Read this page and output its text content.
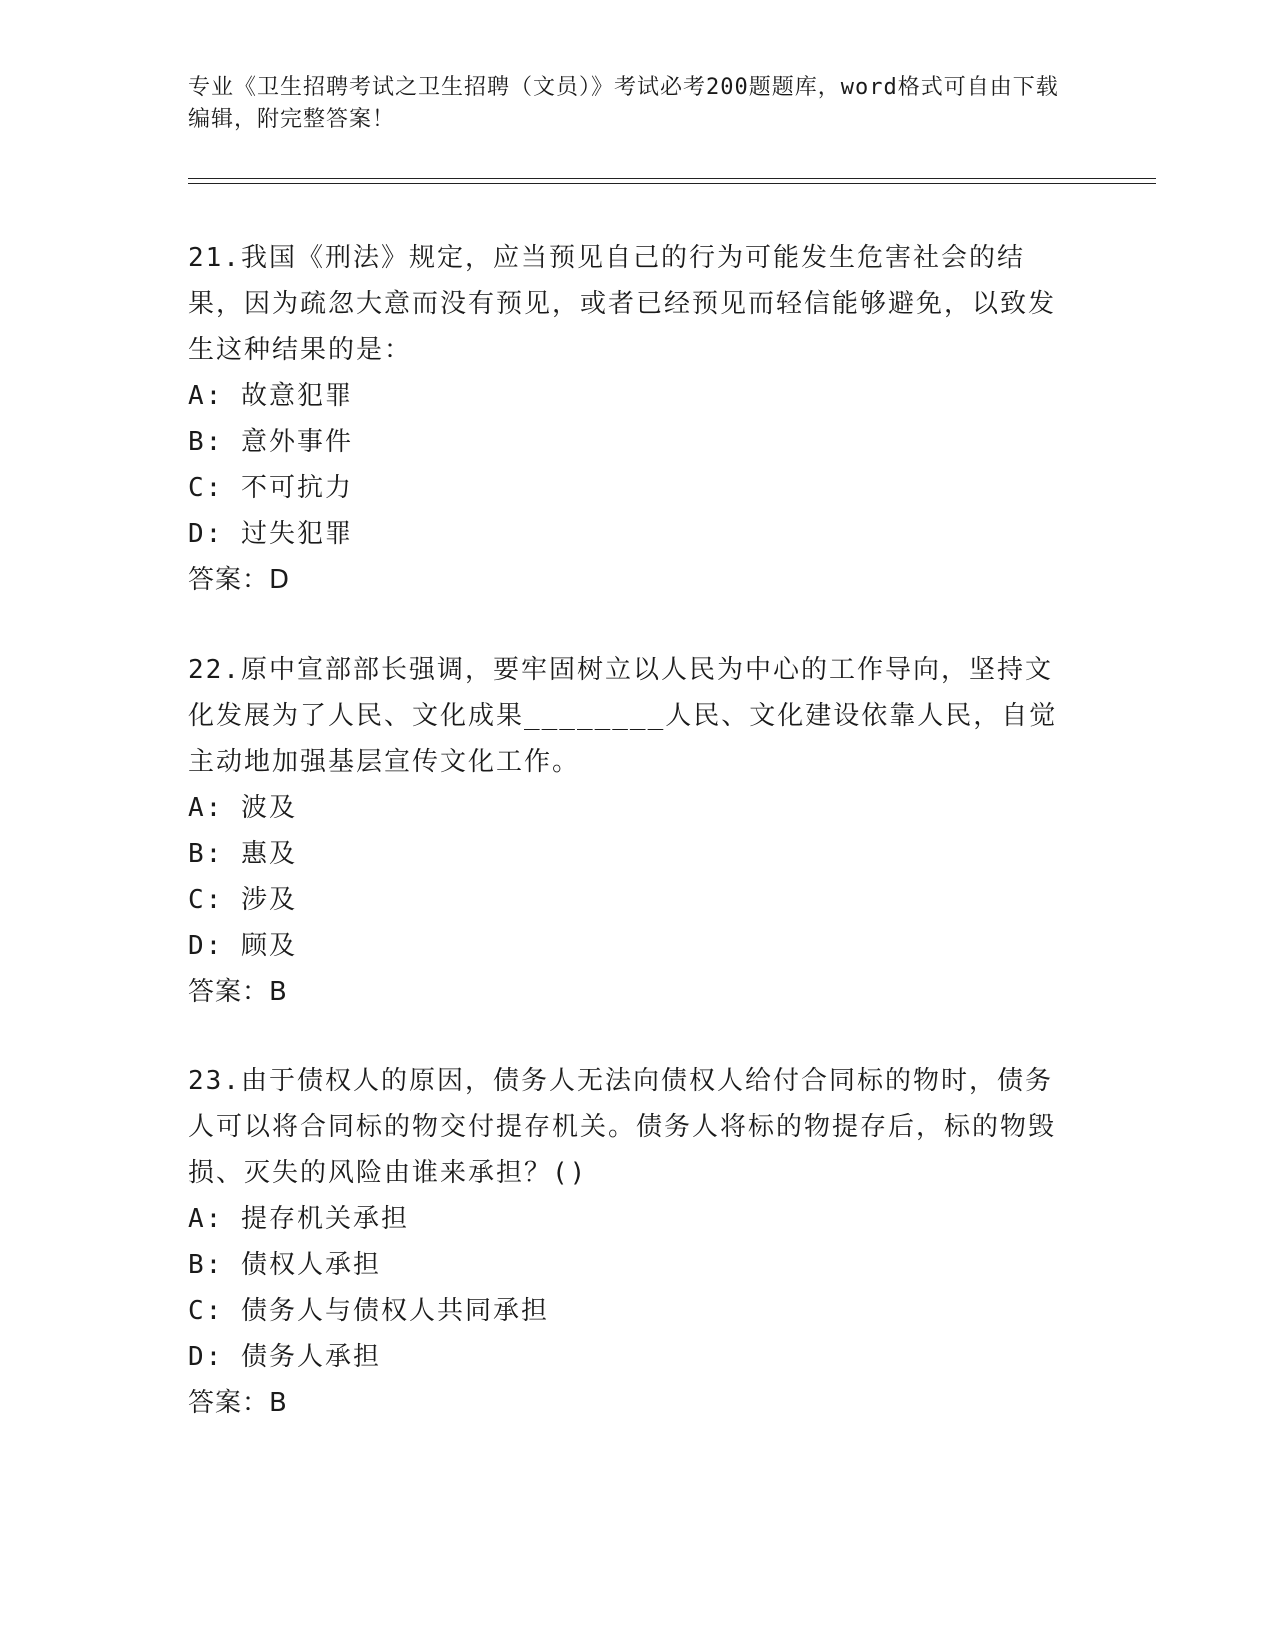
专业《卫生招聘考试之卫生招聘（文员）》考试必考200题题库，word格式可自由下载编辑，附完整答案！

21.我国《刑法》规定，应当预见自己的行为可能发生危害社会的结果，因为疏忽大意而没有预见，或者已经预见而轻信能够避免，以致发生这种结果的是：

A: 故意犯罪

B: 意外事件

C: 不可抗力

D: 过失犯罪

答案：D

22.原中宣部部长强调，要牢固树立以人民为中心的工作导向，坚持文化发展为了人民、文化成果________人民、文化建设依靠人民，自觉主动地加强基层宣传文化工作。

A: 波及

B: 惠及

C: 涉及

D: 顾及

答案：B

23.由于债权人的原因，债务人无法向债权人给付合同标的物时，债务人可以将合同标的物交付提存机关。债务人将标的物提存后，标的物毁损、灭失的风险由谁来承担？()

A: 提存机关承担

B: 债权人承担

C: 债务人与债权人共同承担

D: 债务人承担

答案：B
